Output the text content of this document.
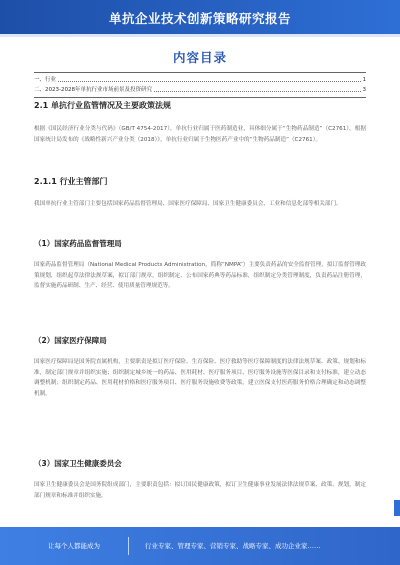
单抗企业技术创新策略研究报告
内容目录
一、行业	1
二、2023-2028年单抗行业市场前景及投资研究	3
2.1 单抗行业监管情况及主要政策法规
根据《国民经济行业分类与代码》（GB/T 4754-2017），单抗行业归属于医药制造业，具体细分属于“生物药品制造”（C2761）。根据国家统计局发布的《战略性新兴产业分类（2018）》，单抗行业归属于生物医药产业中的“生物药品制造”（C2761）。
2.1.1 行业主管部门
我国单抗行业主管部门主要包括国家药品监督管理局、国家医疗保障局、国家卫生健康委员会、工业和信息化部等相关部门。
（1）国家药品监督管理局
国家药品监督管理局（National Medical Products Administration，简称“NMPA”）主要负责药品的安全监督管理，拟订监督管理政策规划，组织起草法律法规草案，拟订部门规章，组织制定、公布国家药典等药品标准，组织制定分类管理制度，负责药品注册管理，监督实施药品研制、生产、经营、使用质量管理规范等。
（2）国家医疗保障局
国家医疗保障局是国务院直属机构，主要职责是拟订医疗保险、生育保险、医疗救助等医疗保障制度的法律法规草案、政策、规划和标准，制定部门规章并组织实施；组织制定城乡统一的药品、医用耗材、医疗服务项目、医疗服务设施等医保目录和支付标准，建立动态调整机制；组织制定药品、医用耗材价格和医疗服务项目、医疗服务设施收费等政策，建立医保支付医药服务价格合理确定和动态调整机制。
（3）国家卫生健康委员会
国家卫生健康委员会是国务院组成部门，主要职责包括：拟订国民健康政策，拟订卫生健康事业发展法律法规草案、政策、规划，制定部门规章和标准并组织实施。
让每个人都能成为	行业专家、管理专家、营销专家、战略专家、成功企业家……
